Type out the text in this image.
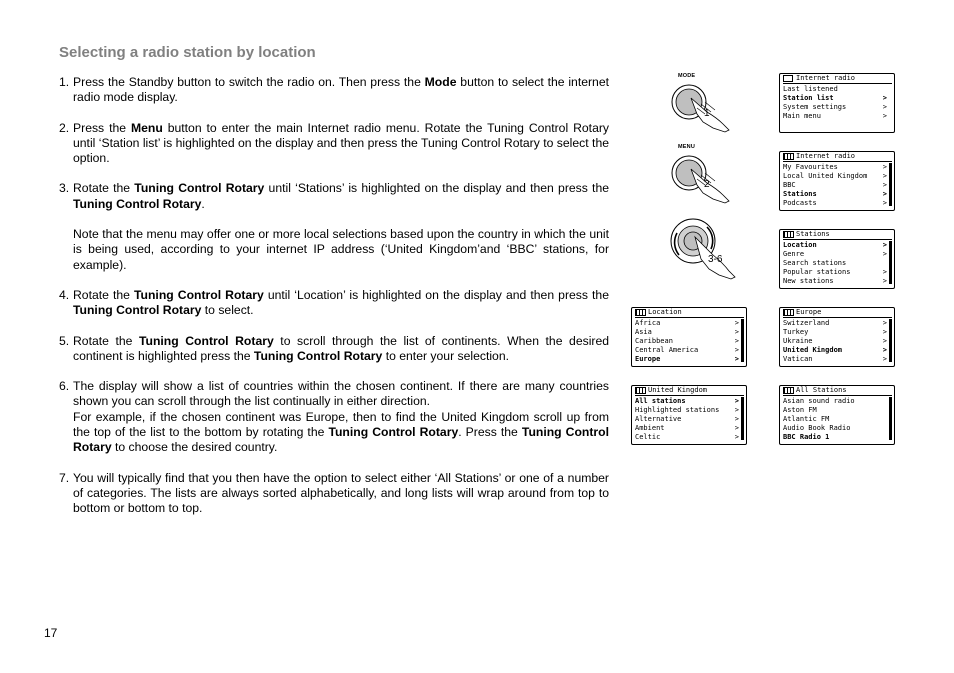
Selecting a radio station by location
1. Press the Standby button to switch the radio on. Then press the Mode button to select the internet radio mode display.

2. Press the Menu button to enter the main Internet radio menu. Rotate the Tuning Control Rotary until ‘Station list’ is highlighted on the display and then press the Tuning Control Rotary to select the option.

3. Rotate the Tuning Control Rotary until ‘Stations’ is highlighted on the display and then press the Tuning Control Rotary.

Note that the menu may offer one or more local selections based upon the country in which the unit is being used, according to your internet IP address (‘United Kingdom’and ‘BBC’ stations, for example).

4. Rotate the Tuning Control Rotary until ‘Location’ is highlighted on the display and then press the Tuning Control Rotary to select.

5. Rotate the Tuning Control Rotary to scroll through the list of continents. When the desired continent is highlighted press the Tuning Control Rotary to enter your selection.

6. The display will show a list of countries within the chosen continent. If there are many countries shown you can scroll through the list continually in either direction.

For example, if the chosen continent was Europe, then to find the United Kingdom scroll up from the top of the list to the bottom by rotating the Tuning Control Rotary. Press the Tuning Control Rotary to choose the desired country.

7. You will typically find that you then have the option to select either ‘All Stations’ or one of a number of categories. The lists are always sorted alphabetically, and long lists will wrap around from top to bottom or bottom to top.

MODE
1
MENU
2
3-6
Internet radio
Last listened
Station list	>
System settings	>
Main menu	>
Internet radio
My Favourites	>
Local United Kingdom >
BBC	>
Stations	>
Podcasts	>
Stations
Location	>
Genre	>
Search stations
Popular stations	>
New stations	>
Location
Africa	>
Asia	>
Caribbean	>
Central America	>
Europe	>
Europe
Switzerland	>
Turkey	>
Ukraine	>
United Kingdom	>
Vatican	>
United Kingdom
All stations	>
Highlighted stations >
Alternative	>
Ambient	>
Celtic	>
All Stations
Asian sound radio
Aston FM
Atlantic FM
Audio Book Radio
BBC Radio 1
17
